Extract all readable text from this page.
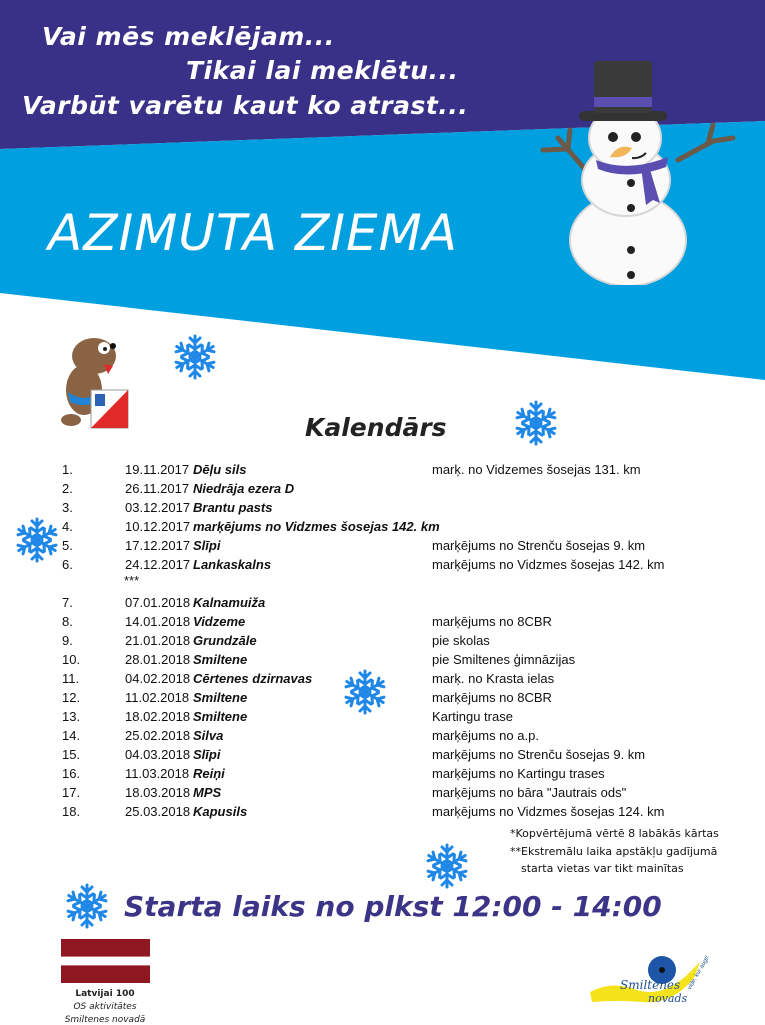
Vai mēs meklējam...
Tikai lai meklētu...
Varbūt varētu kaut ko atrast...
AZIMUTA ZIEMA
Kalendārs
1.	19.11.2017 Dēļu sils	marķ. no Vidzemes šosejas 131. km
2.	26.11.2017 Niedrāja ezera D
3.	03.12.2017 Brantu pasts
4.	10.12.2017 marķējums no Vidzmes šosejas 142. km
5.	17.12.2017 Slīpi	marķējums no Strenču šosejas 9. km
6.	24.12.2017 Lankaskalns	marķējums no Vidzmes šosejas 142. km
***
7.	07.01.2018 Kalnamuiža
8.	14.01.2018 Vidzeme	marķējums no 8CBR
9.	21.01.2018 Grundzāle	pie skolas
10.	28.01.2018 Smiltene	pie Smiltenes ģimnāzijas
11.	04.02.2018 Cērtenes dzirnavas	marķ. no Krasta ielas
12.	11.02.2018 Smiltene	marķējums no 8CBR
13.	18.02.2018 Smiltene	Kartingu trase
14.	25.02.2018 Silva	marķējums no a.p.
15.	04.03.2018 Slīpi	marķējums no Strenču šosejas 9. km
16.	11.03.2018 Reiņi	marķējums no Kartingu trases
17.	18.03.2018 MPS	marķējums no bāra "Jautrais ods"
18.	25.03.2018 Kapusils	marķējums no Vidzmes šosejas 124. km
*Kopvērtējumā vērtē 8 labākās kārtas
**Ekstremālu laika apstākļu gadījumā
starta vietas var tikt mainītas
Starta laiks no plkst 12:00 - 14:00
Latvijai 100
OS aktivitātes
Smiltenes novadā
Smiltenes
novads
vide, kur augt!
